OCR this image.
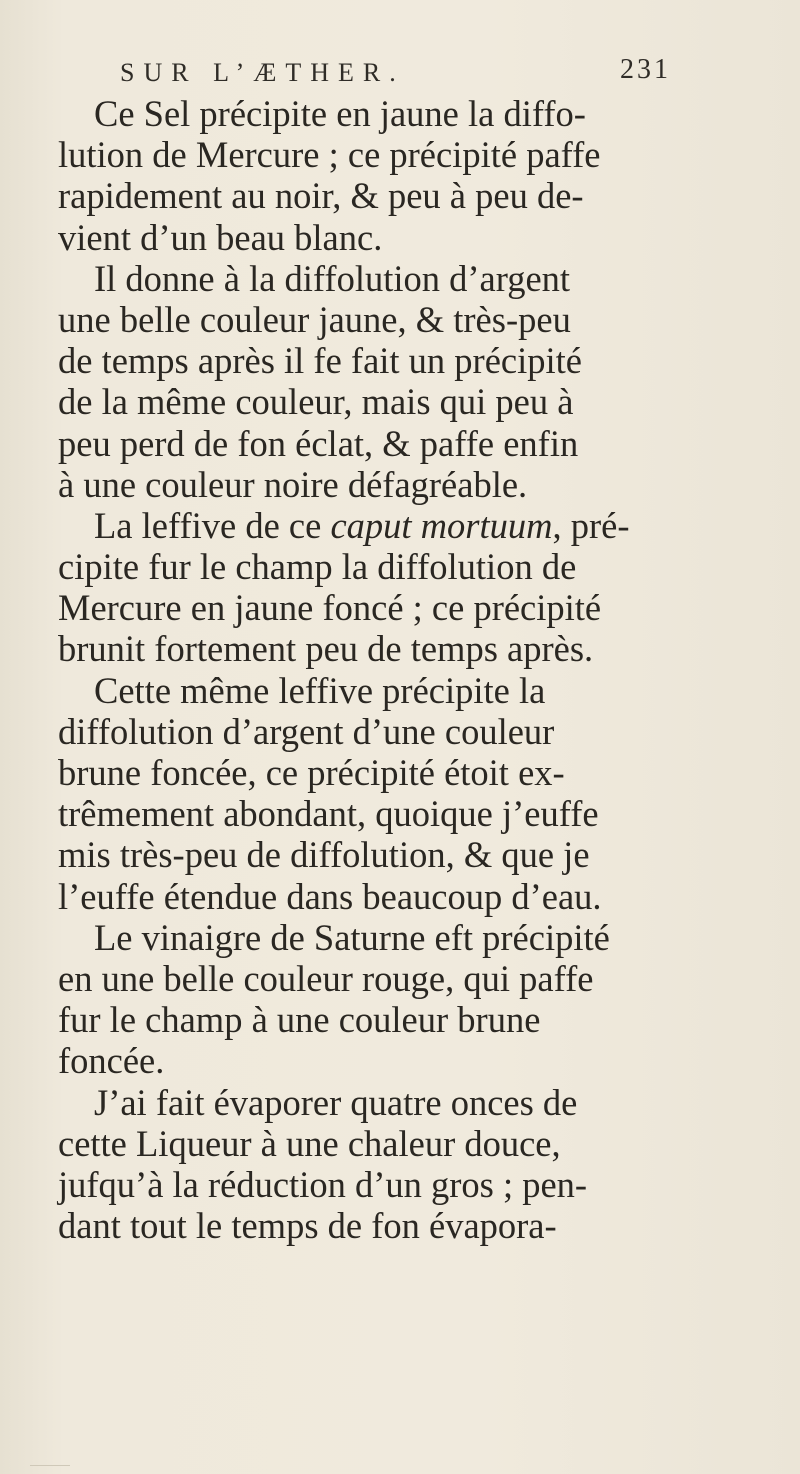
SUR L’ÆTHER.	231
Ce Sel précipite en jaune la diffo-
lution de Mercure ; ce précipité paffe
rapidement au noir, & peu à peu de-
vient d’un beau blanc.
Il donne à la diffolution d’argent
une belle couleur jaune, & très-peu
de temps après il fe fait un précipité
de la même couleur, mais qui peu à
peu perd de fon éclat, & paffe enfin
à une couleur noire défagréable.
La leffive de ce caput mortuum, pré-
cipite fur le champ la diffolution de
Mercure en jaune foncé ; ce précipité
brunit fortement peu de temps après.
Cette même leffive précipite la
diffolution d’argent d’une couleur
brune foncée, ce précipité étoit ex-
trêmement abondant, quoique j’euffe
mis très-peu de diffolution, & que je
l’euffe étendue dans beaucoup d’eau.
Le vinaigre de Saturne eft précipité
en une belle couleur rouge, qui paffe
fur le champ à une couleur brune
foncée.
J’ai fait évaporer quatre onces de
cette Liqueur à une chaleur douce,
jufqu’à la réduction d’un gros ; pen-
dant tout le temps de fon évapora-
